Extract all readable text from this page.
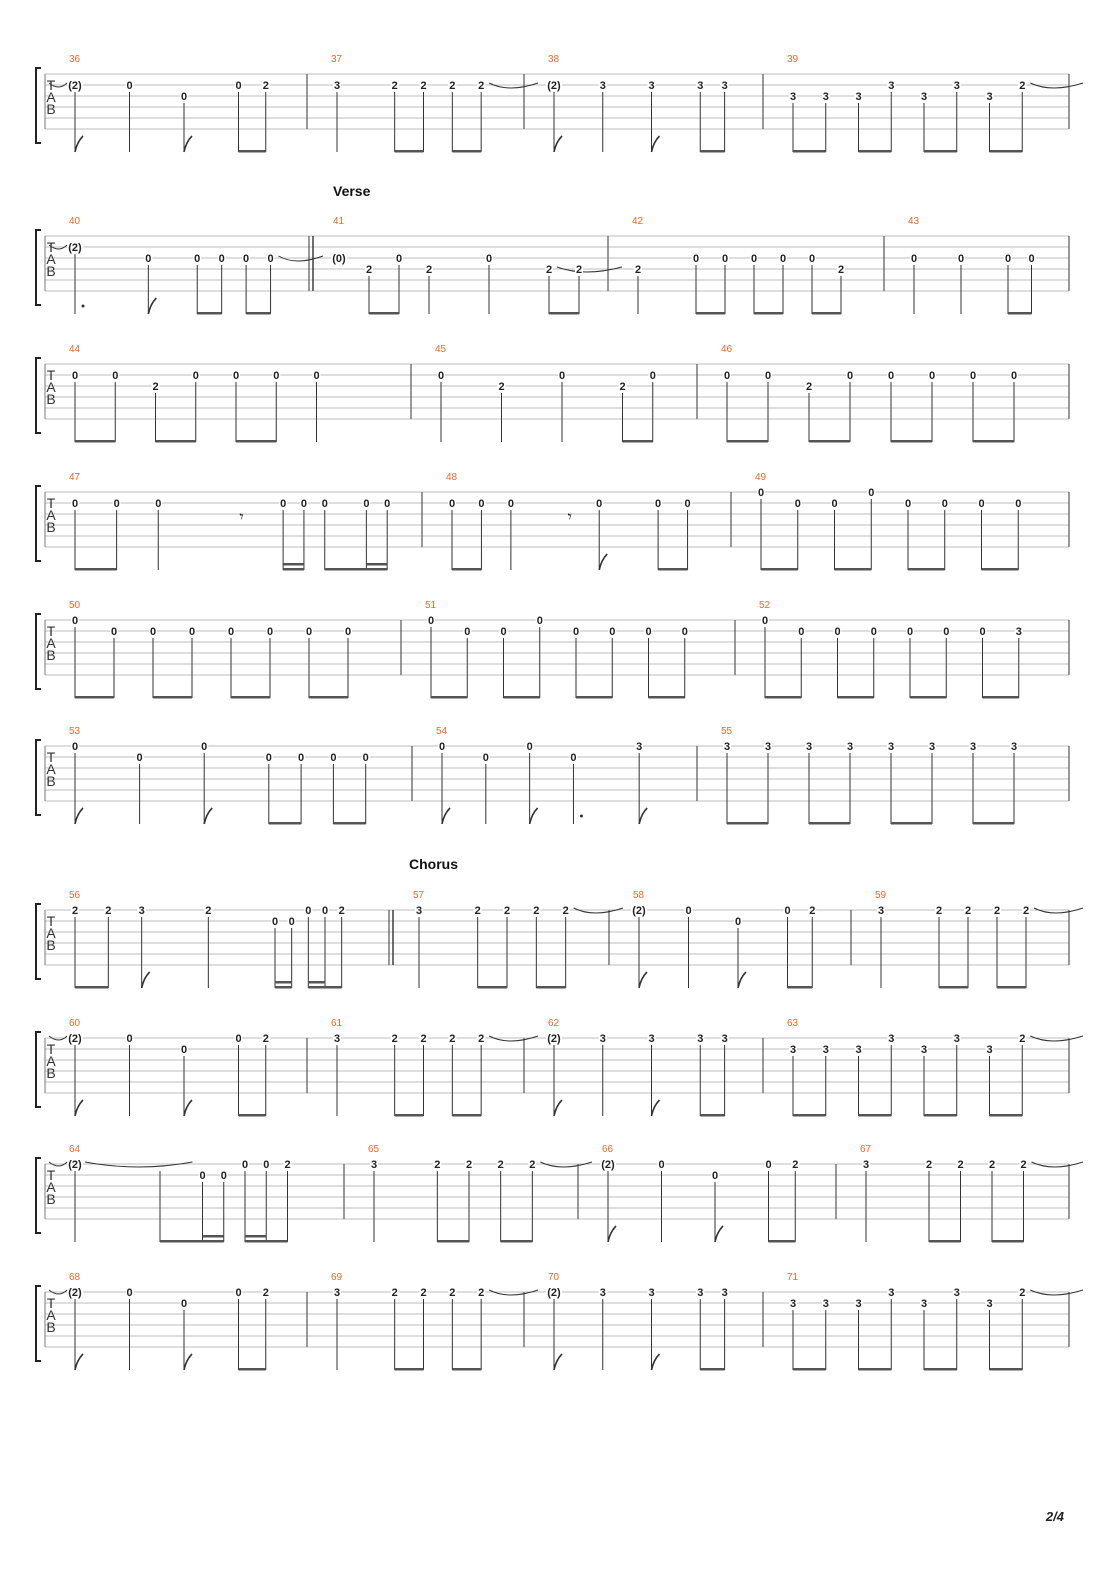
T
A
B
36
(2)	0
0
0 2
37
3	2 2 2 2
38
(2)	3	3	3 3
39
3 3 3
3
3
3
3
2
Verse
T
A
B
40
(2)
0	0 0 0 0
41
(0)
2
0
2
0
2 2
42
2
0 0 0 0 0
2
43
0	0	0 0
T
A
B
44
0	0
2
0	0	0	0
45
0
2
0
2
0
46
0	0
2
0	0	0	0	0
T
A
B
47
0	0	0
𝄾
0 0 0	0 0
48
0 0 0
𝄾
0	0 0
49
0
0	0
0
0	0	0	0
T
A
B
50
0
0	0	0	0	0	0	0
51
0
0	0
0
0	0	0	0
52
0
0	0	0	0	0	0	3
T
A
B
53
0
0
0
0 0 0 0
54
0
0
0
0
3
55
3	3	3	3	3	3	3	3
Chorus
T
A
B
56
2 2 3	2
0 0
0 0 2
57
3	2 2 2 2
58
(2)	0
0
0 2
59
3	2 2 2 2
T
A
B
60
(2)	0
0
0 2
61
3	2 2 2 2
62
(2)	3	3	3 3
63
3 3 3
3
3
3
3
2
T
A
B
64
(2)
0 0
0 0 2
65
3	2 2 2 2
66
(2)	0
0
0 2
67
3	2 2 2 2
T
A
B
68
(2)	0
0
0 2
69
3	2 2 2 2
70
(2)	3	3	3 3
71
3 3 3
3
3
3
3
2
2/4
